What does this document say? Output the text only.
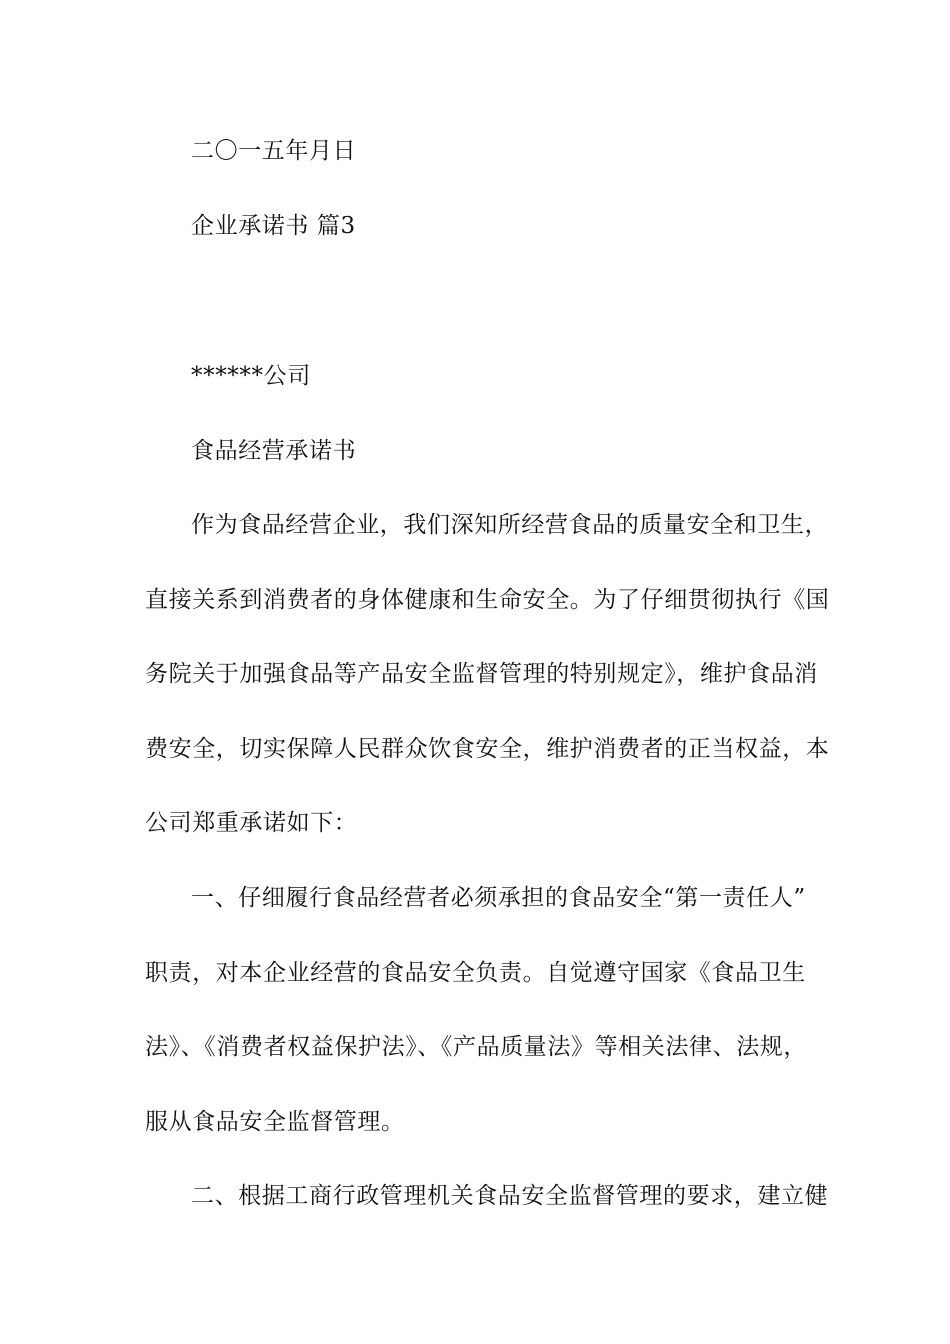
二〇一五年月日
企业承诺书 篇3
******公司
食品经营承诺书
作为食品经营企业，我们深知所经营食品的质量安全和卫生，
直接关系到消费者的身体健康和生命安全。为了仔细贯彻执行《国
务院关于加强食品等产品安全监督管理的特别规定》，维护食品消
费安全，切实保障人民群众饮食安全，维护消费者的正当权益，本
公司郑重承诺如下：
一、仔细履行食品经营者必须承担的食品安全“第一责任人”
职责，对本企业经营的食品安全负责。自觉遵守国家《食品卫生
法》、《消费者权益保护法》、《产品质量法》等相关法律、法规，
服从食品安全监督管理。
二、根据工商行政管理机关食品安全监督管理的要求，建立健
